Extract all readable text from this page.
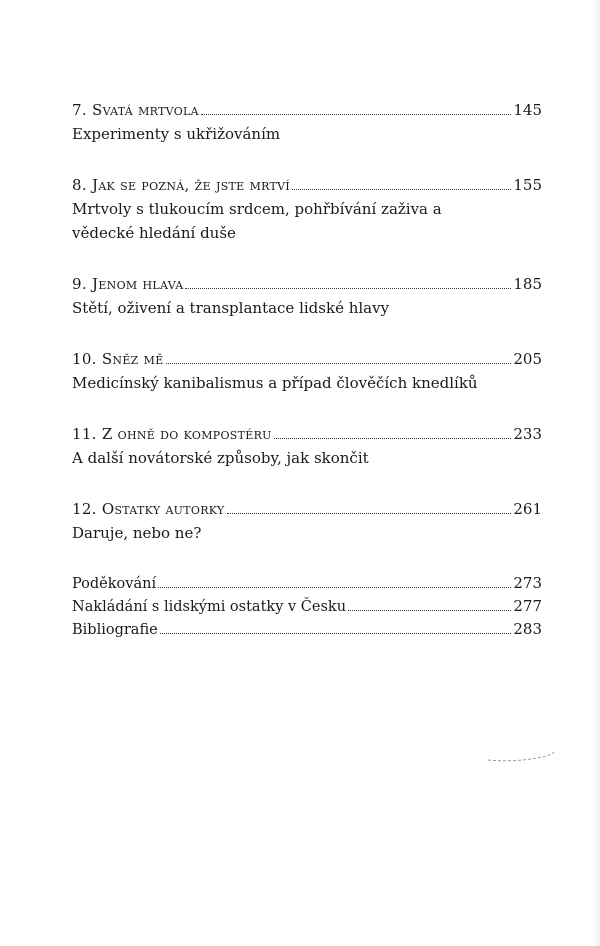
7. Svatá mrtvola	145
Experimenty s ukřižováním
8. Jak se pozná, že jste mrtví	155
Mrtvoly s tlukoucím srdcem, pohřbívání zaživa a vědecké hledání duše
9. Jenom hlava	185
Stětí, oživení a transplantace lidské hlavy
10. Sněz mě	205
Medicínský kanibalismus a případ člověčích knedlíků
11. Z ohně do kompostéru	233
A další novátorské způsoby, jak skončit
12. Ostatky autorky	261
Daruje, nebo ne?
Poděkování	273
Nakládání s lidskými ostatky v Česku	277
Bibliografie	283
